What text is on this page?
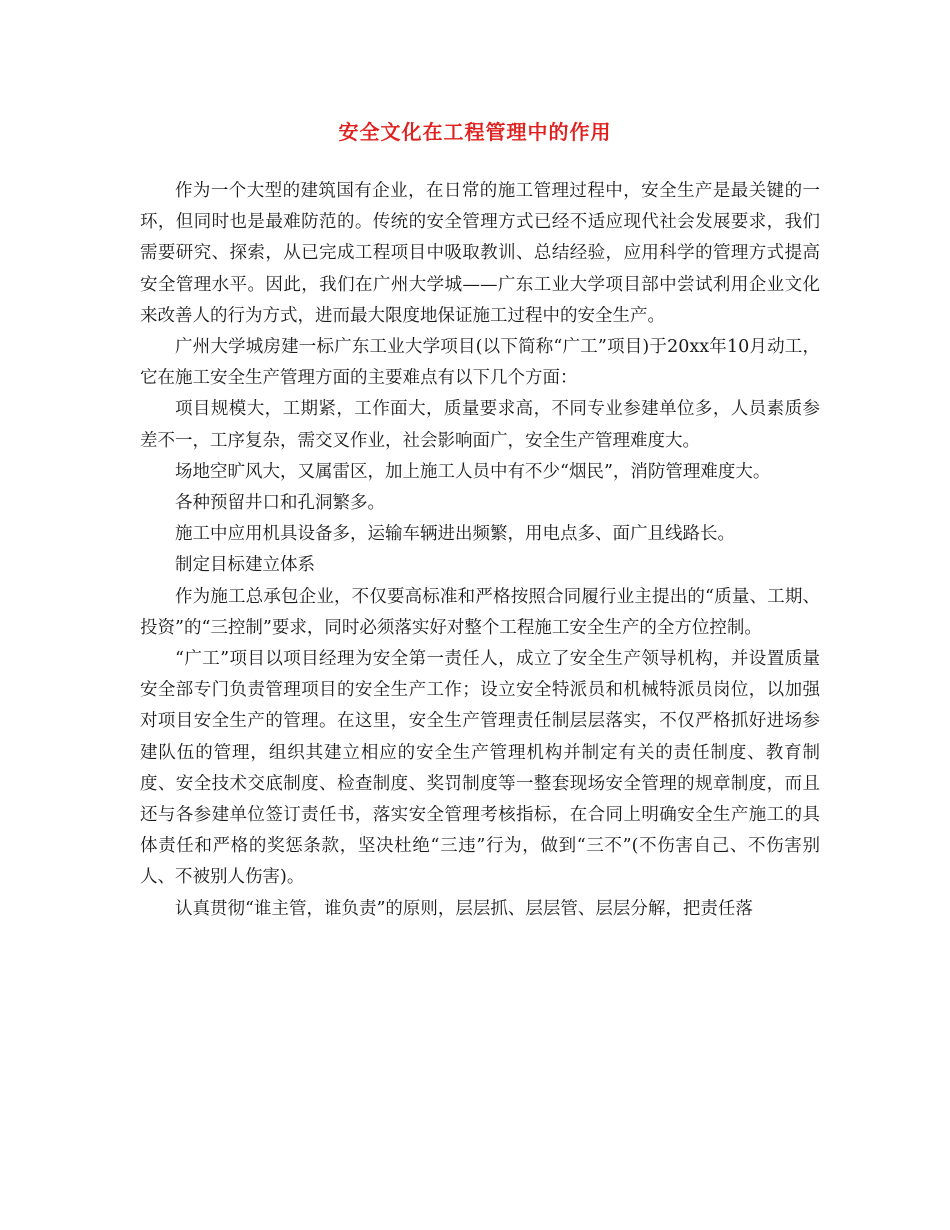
安全文化在工程管理中的作用

作为一个大型的建筑国有企业，在日常的施工管理过程中，安全生产是最关键的一环，但同时也是最难防范的。传统的安全管理方式已经不适应现代社会发展要求，我们需要研究、探索，从已完成工程项目中吸取教训、总结经验，应用科学的管理方式提高安全管理水平。因此，我们在广州大学城——广东工业大学项目部中尝试利用企业文化来改善人的行为方式，进而最大限度地保证施工过程中的安全生产。

广州大学城房建一标广东工业大学项目(以下简称“广工”项目)于20xx年10月动工，它在施工安全生产管理方面的主要难点有以下几个方面：

项目规模大，工期紧，工作面大，质量要求高，不同专业参建单位多，人员素质参差不一，工序复杂，需交叉作业，社会影响面广，安全生产管理难度大。

场地空旷风大，又属雷区，加上施工人员中有不少“烟民”，消防管理难度大。

各种预留井口和孔洞繁多。

施工中应用机具设备多，运输车辆进出频繁，用电点多、面广且线路长。

制定目标建立体系

作为施工总承包企业，不仅要高标准和严格按照合同履行业主提出的“质量、工期、投资”的“三控制”要求，同时必须落实好对整个工程施工安全生产的全方位控制。

“广工”项目以项目经理为安全第一责任人，成立了安全生产领导机构，并设置质量安全部专门负责管理项目的安全生产工作；设立安全特派员和机械特派员岗位，以加强对项目安全生产的管理。在这里，安全生产管理责任制层层落实，不仅严格抓好进场参建队伍的管理，组织其建立相应的安全生产管理机构并制定有关的责任制度、教育制度、安全技术交底制度、检查制度、奖罚制度等一整套现场安全管理的规章制度，而且还与各参建单位签订责任书，落实安全管理考核指标，在合同上明确安全生产施工的具体责任和严格的奖惩条款，坚决杜绝“三违”行为，做到“三不”(不伤害自己、不伤害别人、不被别人伤害)。

认真贯彻“谁主管，谁负责”的原则，层层抓、层层管、层层分解，把责任落
